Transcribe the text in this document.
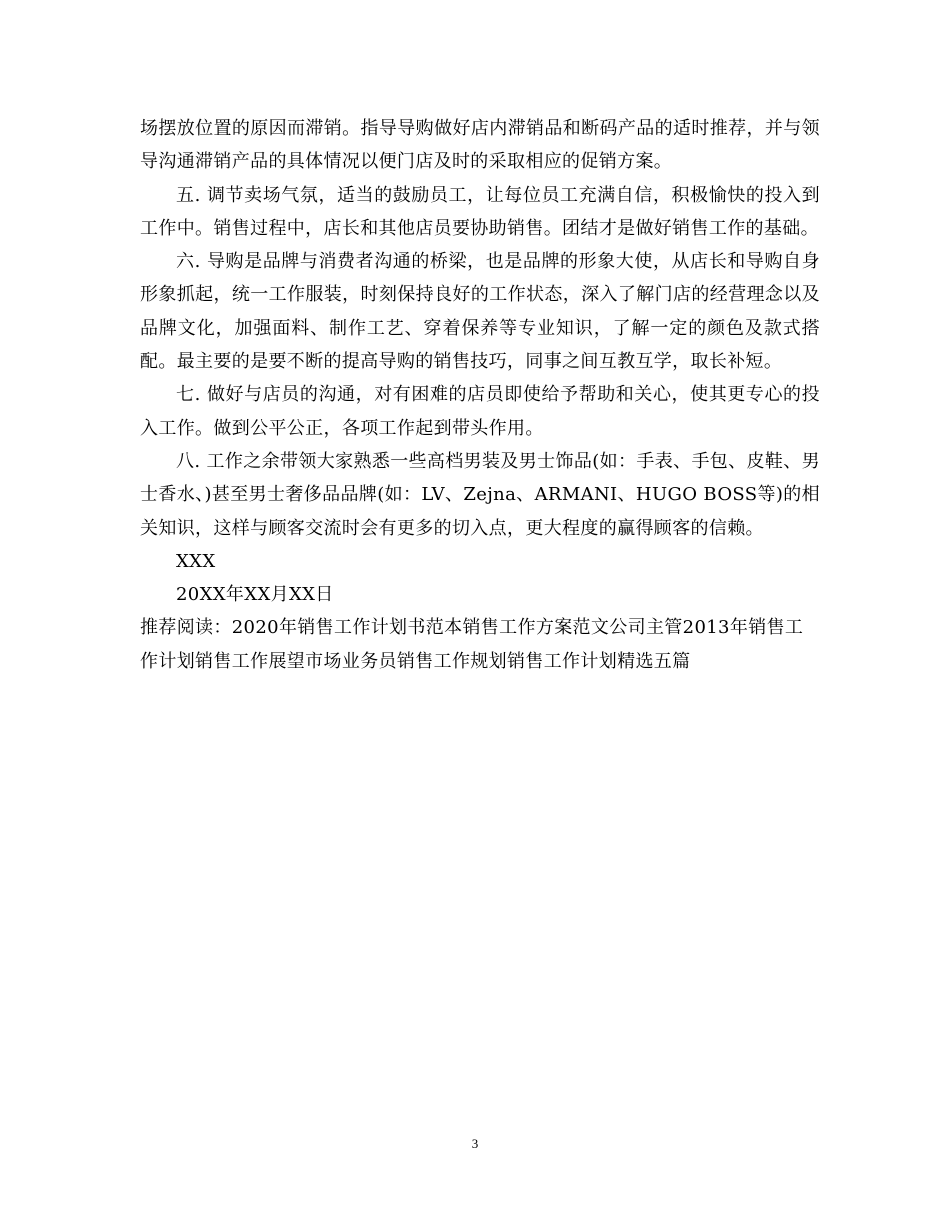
场摆放位置的原因而滞销。指导导购做好店内滞销品和断码产品的适时推荐，并与领导沟通滞销产品的具体情况以便门店及时的采取相应的促销方案。

五. 调节卖场气氛，适当的鼓励员工，让每位员工充满自信，积极愉快的投入到工作中。销售过程中，店长和其他店员要协助销售。团结才是做好销售工作的基础。

六. 导购是品牌与消费者沟通的桥梁，也是品牌的形象大使，从店长和导购自身形象抓起，统一工作服装，时刻保持良好的工作状态，深入了解门店的经营理念以及品牌文化，加强面料、制作工艺、穿着保养等专业知识，了解一定的颜色及款式搭配。最主要的是要不断的提高导购的销售技巧，同事之间互教互学，取长补短。

七. 做好与店员的沟通，对有困难的店员即使给予帮助和关心，使其更专心的投入工作。做到公平公正，各项工作起到带头作用。

八. 工作之余带领大家熟悉一些高档男装及男士饰品(如：手表、手包、皮鞋、男士香水、)甚至男士奢侈品品牌(如：LV、Zejna、ARMANI、HUGO BOSS等)的相关知识，这样与顾客交流时会有更多的切入点，更大程度的赢得顾客的信赖。

XXX

20XX年XX月XX日

推荐阅读：2020年销售工作计划书范本销售工作方案范文公司主管2013年销售工作计划销售工作展望市场业务员销售工作规划销售工作计划精选五篇

3
